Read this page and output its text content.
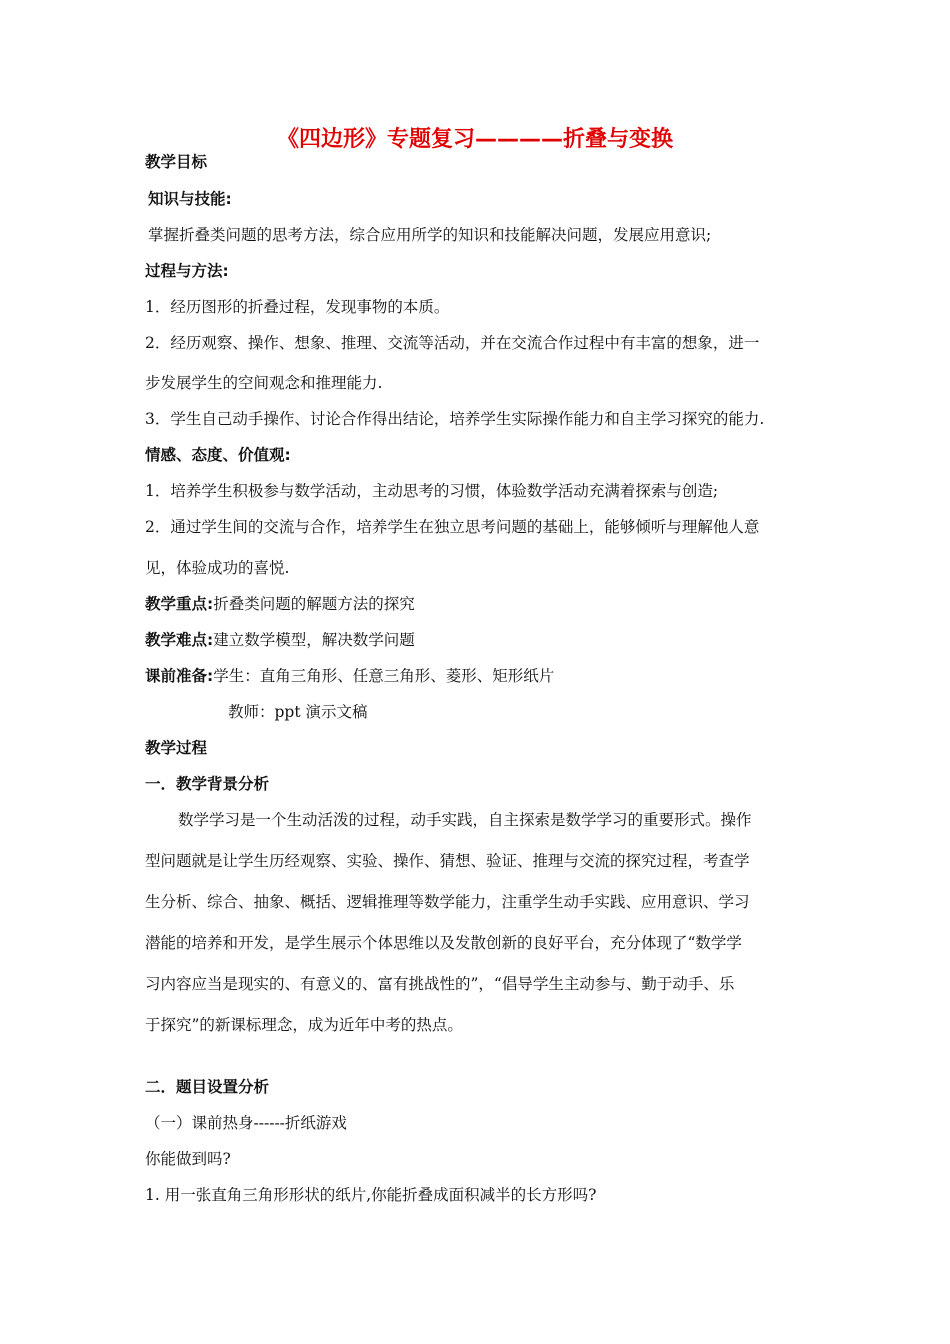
《四边形》专题复习————折叠与变换
教学目标
知识与技能:
掌握折叠类问题的思考方法，综合应用所学的知识和技能解决问题，发展应用意识;
过程与方法:
1．经历图形的折叠过程，发现事物的本质。
2．经历观察、操作、想象、推理、交流等活动，并在交流合作过程中有丰富的想象，进一
步发展学生的空间观念和推理能力.
3．学生自己动手操作、讨论合作得出结论，培养学生实际操作能力和自主学习探究的能力.
情感、态度、价值观:
1．培养学生积极参与数学活动，主动思考的习惯，体验数学活动充满着探索与创造;
2．通过学生间的交流与合作，培养学生在独立思考问题的基础上，能够倾听与理解他人意
见，体验成功的喜悦.
教学重点:折叠类问题的解题方法的探究
教学难点:建立数学模型，解决数学问题
课前准备:学生：直角三角形、任意三角形、菱形、矩形纸片
教师：ppt 演示文稿
教学过程
一．教学背景分析
数学学习是一个生动活泼的过程，动手实践，自主探索是数学学习的重要形式。操作
型问题就是让学生历经观察、实验、操作、猜想、验证、推理与交流的探究过程，考查学
生分析、综合、抽象、概括、逻辑推理等数学能力，注重学生动手实践、应用意识、学习
潜能的培养和开发，是学生展示个体思维以及发散创新的良好平台，充分体现了“数学学
习内容应当是现实的、有意义的、富有挑战性的”，“倡导学生主动参与、勤于动手、乐
于探究”的新课标理念，成为近年中考的热点。
二．题目设置分析
（一）课前热身------折纸游戏
你能做到吗?
1. 用一张直角三角形形状的纸片,你能折叠成面积减半的长方形吗?
